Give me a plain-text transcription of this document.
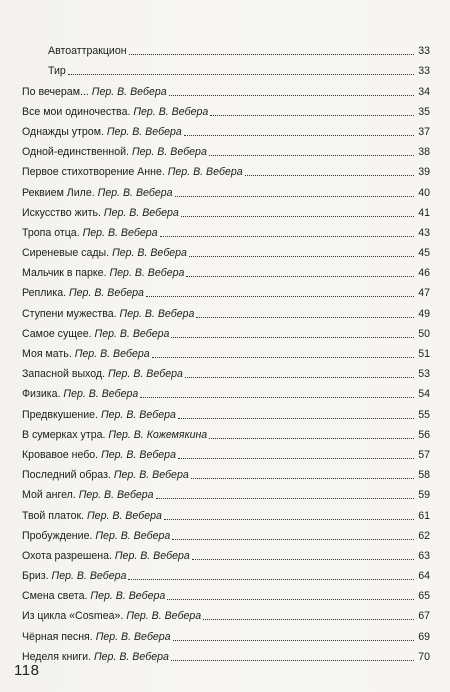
Автоаттракцион	33
Тир	33
По вечерам... Пер. В. Вебера	34
Все мои одиночества. Пер. В. Вебера	35
Однажды утром. Пер. В. Вебера	37
Одной-единственной. Пер. В. Вебера	38
Первое стихотворение Анне. Пер. В. Вебера	39
Реквием Лиле. Пер. В. Вебера	40
Искусство жить. Пер. В. Вебера	41
Тропа отца. Пер. В. Вебера	43
Сиреневые сады. Пер. В. Вебера	45
Мальчик в парке. Пер. В. Вебера	46
Реплика. Пер. В. Вебера	47
Ступени мужества. Пер. В. Вебера	49
Самое сущее. Пер. В. Вебера	50
Моя мать. Пер. В. Вебера	51
Запасной выход. Пер. В. Вебера	53
Физика. Пер. В. Вебера	54
Предвкушение. Пер. В. Вебера	55
В сумерках утра. Пер. В. Кожемякина	56
Кровавое небо. Пер. В. Вебера	57
Последний образ. Пер. В. Вебера	58
Мой ангел. Пер. В. Вебера	59
Твой платок. Пер. В. Вебера	61
Пробуждение. Пер. В. Вебера	62
Охота разрешена. Пер. В. Вебера	63
Бриз. Пер. В. Вебера	64
Смена света. Пер. В. Вебера	65
Из цикла «Cosmea». Пер. В. Вебера	67
Чёрная песня. Пер. В. Вебера	69
Неделя книги. Пер. В. Вебера	70
118
